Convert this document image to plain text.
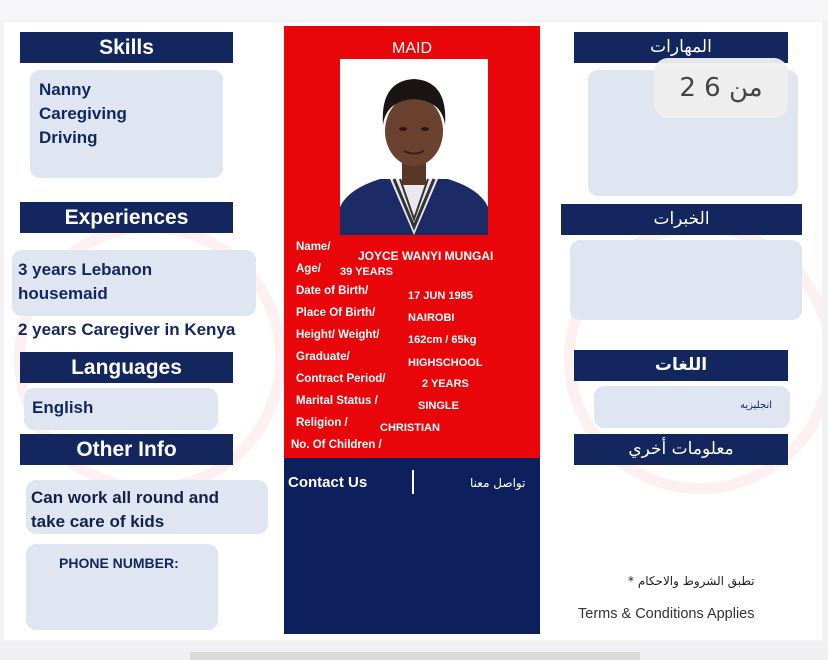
Skills
Nanny
Caregiving
Driving
Experiences
3 years Lebanon
housemaid
2 years Caregiver in Kenya
Languages
English
Other Info
Can work all round and
take care of kids
PHONE NUMBER:
MAID
Name/
JOYCE WANYI MUNGAI
Age/ 39 YEARS
Date of Birth/	17 JUN 1985
Place Of Birth/	NAIROBI
Height/ Weight/	162cm / 65kg
Graduate/	HIGHSCHOOL
Contract Period/	2 YEARS
Marital Status /	SINGLE
Religion /	CHRISTIAN
No. Of Children /
Contact Us	تواصل معنا
المهارات
الخبرات
اللغات
انجليزيه
معلومات أخري
* تطبق الشروط والاحكام
Terms & Conditions Applies
2 من 6
